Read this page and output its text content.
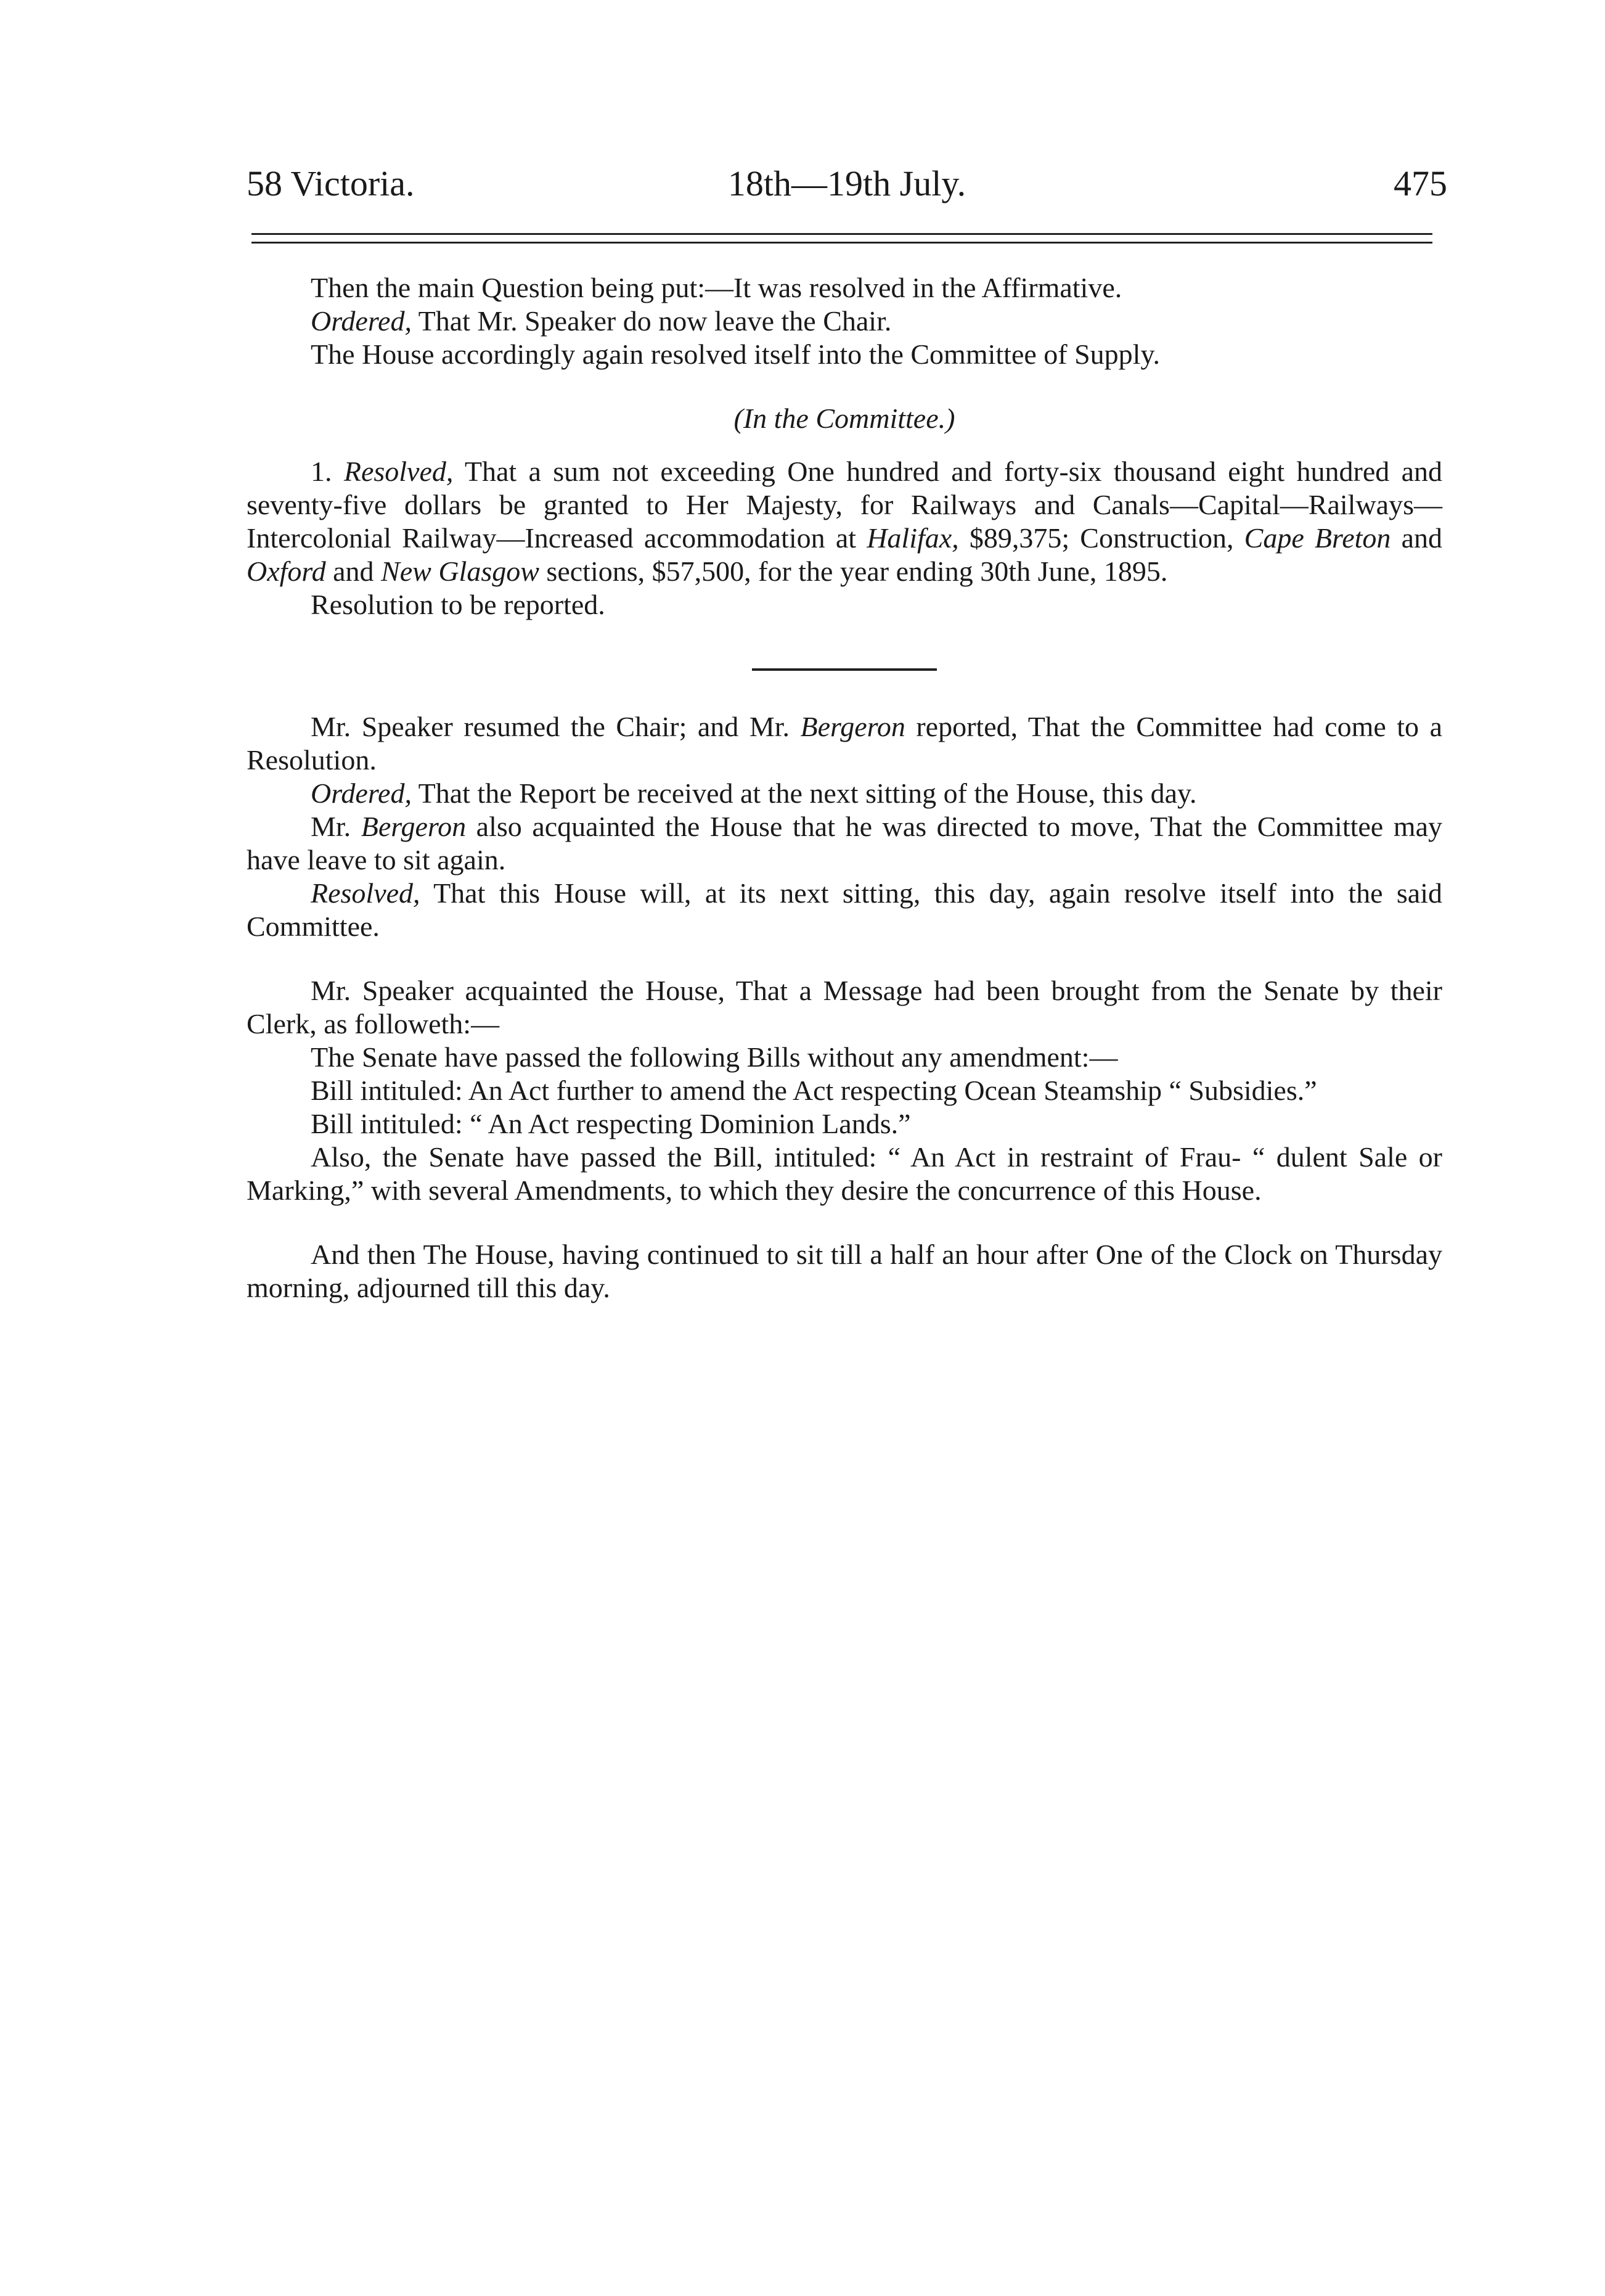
58 Victoria.	18th—19th July.	475

Then the main Question being put:—It was resolved in the Affirmative.

Ordered, That Mr. Speaker do now leave the Chair.

The House accordingly again resolved itself into the Committee of Supply.

(In the Committee.)

1. Resolved, That a sum not exceeding One hundred and forty-six thousand eight hundred and seventy-five dollars be granted to Her Majesty, for Railways and Canals—Capital—Railways—Intercolonial Railway—Increased accommodation at Halifax, $89,375; Construction, Cape Breton and Oxford and New Glasgow sections, $57,500, for the year ending 30th June, 1895.

Resolution to be reported.

Mr. Speaker resumed the Chair; and Mr. Bergeron reported, That the Committee had come to a Resolution.

Ordered, That the Report be received at the next sitting of the House, this day.

Mr. Bergeron also acquainted the House that he was directed to move, That the Committee may have leave to sit again.

Resolved, That this House will, at its next sitting, this day, again resolve itself into the said Committee.

Mr. Speaker acquainted the House, That a Message had been brought from the Senate by their Clerk, as followeth:—

The Senate have passed the following Bills without any amendment:—

Bill intituled: An Act further to amend the Act respecting Ocean Steamship “ Subsidies.”

Bill intituled: “ An Act respecting Dominion Lands.”

Also, the Senate have passed the Bill, intituled: “ An Act in restraint of Frau- “ dulent Sale or Marking,” with several Amendments, to which they desire the concurrence of this House.

And then The House, having continued to sit till a half an hour after One of the Clock on Thursday morning, adjourned till this day.
